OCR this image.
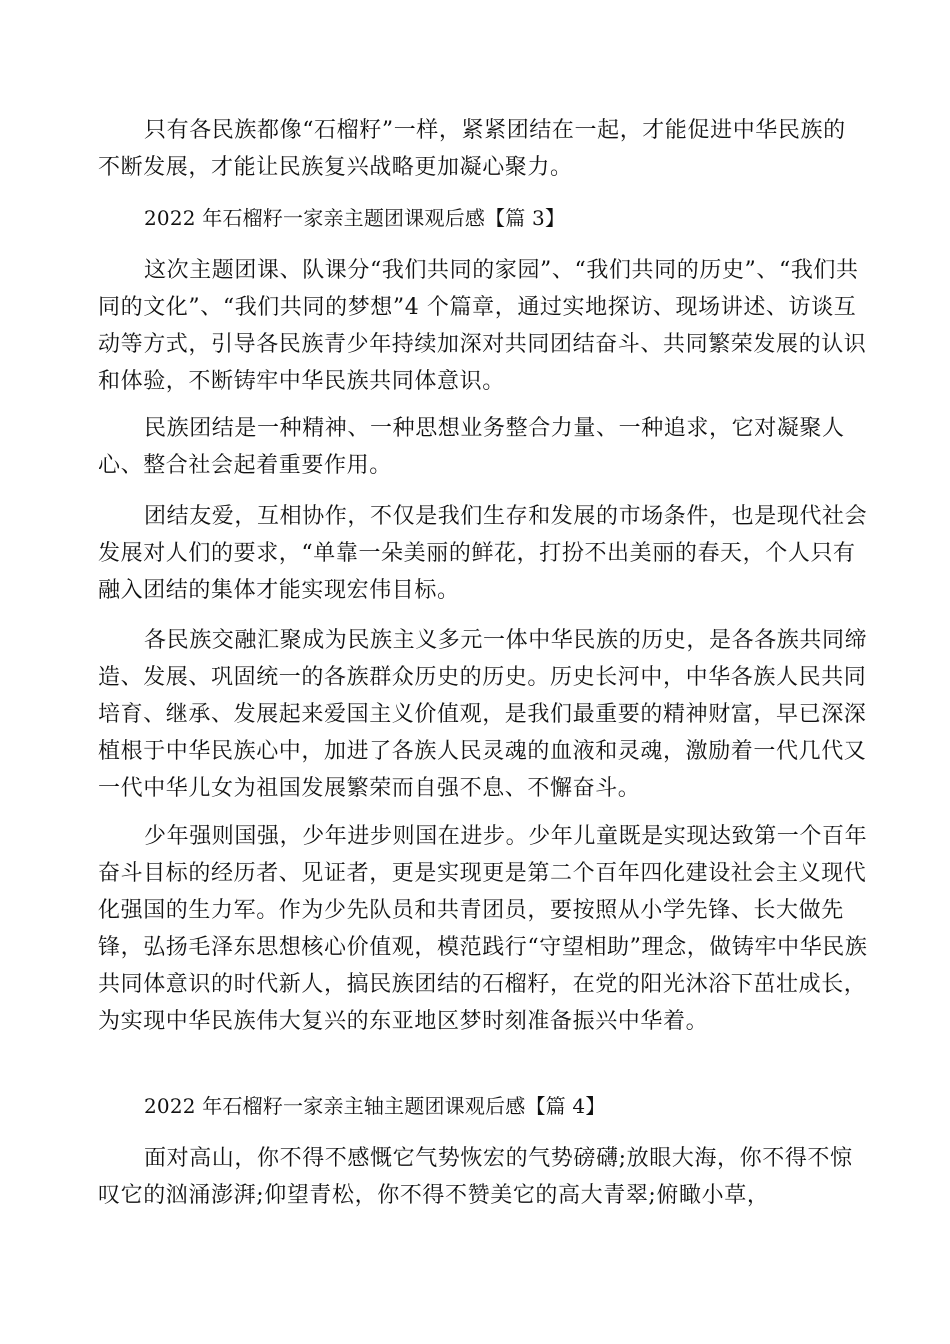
只有各民族都像“石榴籽”一样，紧紧团结在一起，才能促进中华民族的不断发展，才能让民族复兴战略更加凝心聚力。

2022 年石榴籽一家亲主题团课观后感【篇 3】

这次主题团课、队课分“我们共同的家园”、“我们共同的历史”、“我们共同的文化”、“我们共同的梦想”4 个篇章，通过实地探访、现场讲述、访谈互动等方式，引导各民族青少年持续加深对共同团结奋斗、共同繁荣发展的认识和体验，不断铸牢中华民族共同体意识。

民族团结是一种精神、一种思想业务整合力量、一种追求，它对凝聚人心、整合社会起着重要作用。

团结友爱，互相协作，不仅是我们生存和发展的市场条件，也是现代社会发展对人们的要求，“单靠一朵美丽的鲜花，打扮不出美丽的春天，个人只有融入团结的集体才能实现宏伟目标。

各民族交融汇聚成为民族主义多元一体中华民族的历史，是各各族共同缔造、发展、巩固统一的各族群众历史的历史。历史长河中，中华各族人民共同培育、继承、发展起来爱国主义价值观，是我们最重要的精神财富，早已深深植根于中华民族心中，加进了各族人民灵魂的血液和灵魂，激励着一代几代又一代中华儿女为祖国发展繁荣而自强不息、不懈奋斗。

少年强则国强，少年进步则国在进步。少年儿童既是实现达致第一个百年奋斗目标的经历者、见证者，更是实现更是第二个百年四化建设社会主义现代化强国的生力军。作为少先队员和共青团员，要按照从小学先锋、长大做先锋，弘扬毛泽东思想核心价值观，模范践行“守望相助”理念，做铸牢中华民族共同体意识的时代新人，搞民族团结的石榴籽，在党的阳光沐浴下茁壮成长，为实现中华民族伟大复兴的东亚地区梦时刻准备振兴中华着。

2022 年石榴籽一家亲主轴主题团课观后感【篇 4】

面对高山，你不得不感慨它气势恢宏的气势磅礴;放眼大海，你不得不惊叹它的汹涌澎湃;仰望青松，你不得不赞美它的高大青翠;俯瞰小草，
